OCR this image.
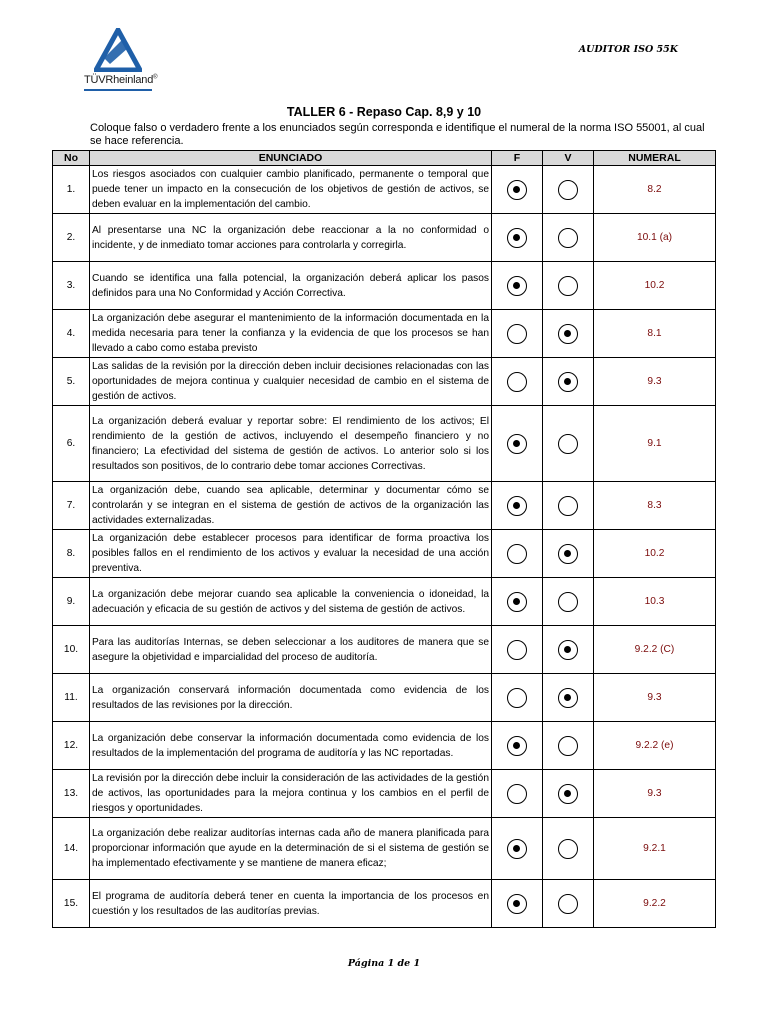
TÜVRheinland®
AUDITOR ISO 55K
TALLER 6 - Repaso Cap. 8,9 y 10
Coloque falso o verdadero frente a los enunciados según corresponda e identifique el numeral de la norma ISO 55001, al cual se hace referencia.
No	ENUNCIADO	F	V	NUMERAL
1.	Los riesgos asociados con cualquier cambio planificado, permanente o temporal que puede tener un impacto en la consecución de los objetivos de gestión de activos, se deben evaluar en la implementación del cambio.			8.2
2.	Al presentarse una NC la organización debe reaccionar a la no conformidad o incidente, y de inmediato tomar acciones para controlarla y corregirla.			10.1 (a)
3.	Cuando se identifica una falla potencial, la organización deberá aplicar los pasos definidos para una No Conformidad y Acción Correctiva.			10.2
4.	La organización debe asegurar el mantenimiento de la información documentada en la medida necesaria para tener la confianza y la evidencia de que los procesos se han llevado a cabo como estaba previsto			8.1
5.	Las salidas de la revisión por la dirección deben incluir decisiones relacionadas con las oportunidades de mejora continua y cualquier necesidad de cambio en el sistema de gestión de activos.			9.3
6.	La organización deberá evaluar y reportar sobre: El rendimiento de los activos; El rendimiento de la gestión de activos, incluyendo el desempeño financiero y no financiero; La efectividad del sistema de gestión de activos. Lo anterior solo si los resultados son positivos, de lo contrario debe tomar acciones Correctivas.			9.1
7.	La organización debe, cuando sea aplicable, determinar y documentar cómo se controlarán y se integran en el sistema de gestión de activos de la organización las actividades externalizadas.			8.3
8.	La organización debe establecer procesos para identificar de forma proactiva los posibles fallos en el rendimiento de los activos y evaluar la necesidad de una acción preventiva.			10.2
9.	La organización debe mejorar cuando sea aplicable la conveniencia o idoneidad, la adecuación y eficacia de su gestión de activos y del sistema de gestión de activos.			10.3
10.	Para las auditorías Internas, se deben seleccionar a los auditores de manera que se asegure la objetividad e imparcialidad del proceso de auditoría.			9.2.2 (C)
11.	La organización conservará información documentada como evidencia de los resultados de las revisiones por la dirección.			9.3
12.	La organización debe conservar la información documentada como evidencia de los resultados de la implementación del programa de auditoría y las NC reportadas.			9.2.2 (e)
13.	La revisión por la dirección debe incluir la consideración de las actividades de la gestión de activos, las oportunidades para la mejora continua y los cambios en el perfil de riesgos y oportunidades.			9.3
14.	La organización debe realizar auditorías internas cada año de manera planificada para proporcionar información que ayude en la determinación de si el sistema de gestión se ha implementado efectivamente y se mantiene de manera eficaz;			9.2.1
15.	El programa de auditoría deberá tener en cuenta la importancia de los procesos en cuestión y los resultados de las auditorías previas.			9.2.2
Página 1 de 1
